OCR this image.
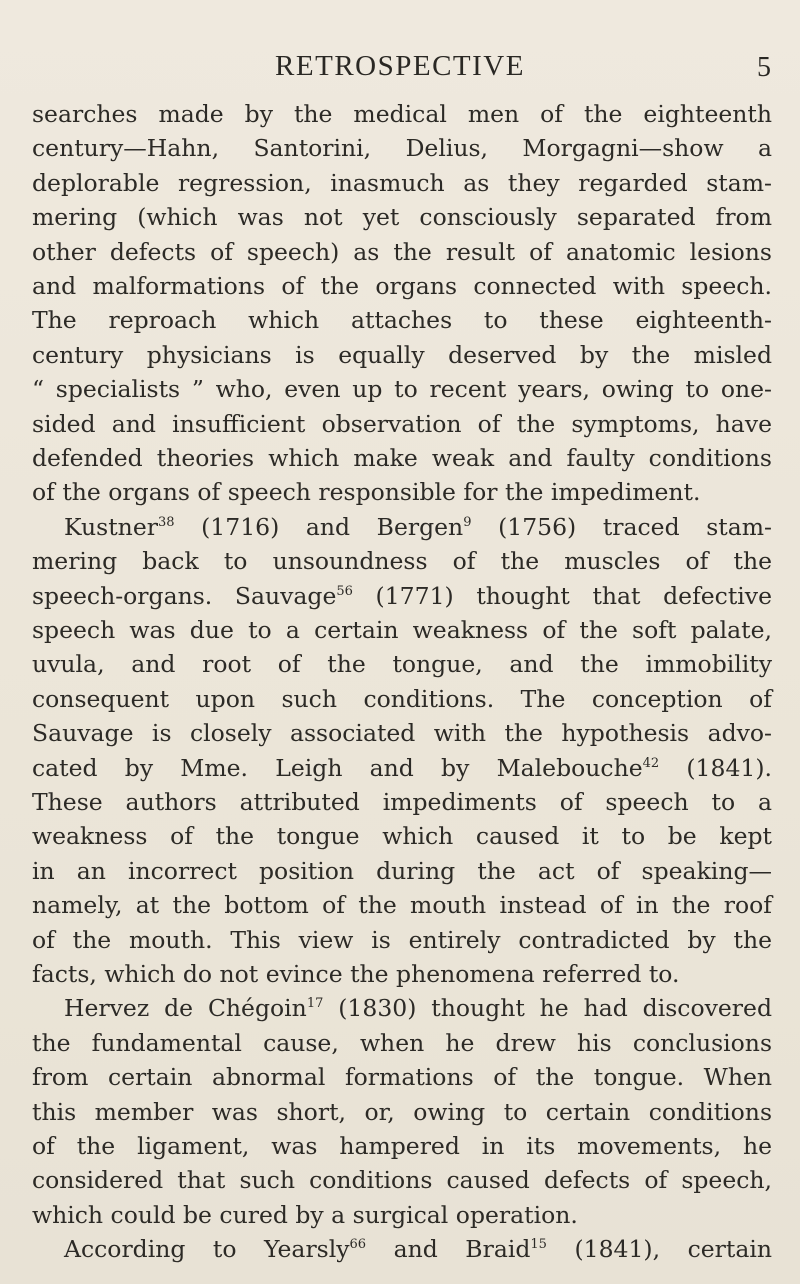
RETROSPECTIVE	5
searches made by the medical men of the eighteenth
century—Hahn, Santorini, Delius, Morgagni—show a
deplorable regression, inasmuch as they regarded stam-
mering (which was not yet consciously separated from
other defects of speech) as the result of anatomic lesions
and malformations of the organs connected with speech.
The reproach which attaches to these eighteenth-
century physicians is equally deserved by the misled
“ specialists ” who, even up to recent years, owing to one-
sided and insufficient observation of the symptoms, have
defended theories which make weak and faulty conditions
of the organs of speech responsible for the impediment.
Kustner$^{38}$ (1716) and Bergen$^9$ (1756) traced stam-
mering back to unsoundness of the muscles of the
speech-organs. Sauvage$^{56}$ (1771) thought that defective
speech was due to a certain weakness of the soft palate,
uvula, and root of the tongue, and the immobility
consequent upon such conditions. The conception of
Sauvage is closely associated with the hypothesis advo-
cated by Mme. Leigh and by Malebouche$^{42}$ (1841).
These authors attributed impediments of speech to a
weakness of the tongue which caused it to be kept
in an incorrect position during the act of speaking—
namely, at the bottom of the mouth instead of in the roof
of the mouth. This view is entirely contradicted by the
facts, which do not evince the phenomena referred to.
Hervez de Chégoin$^{17}$ (1830) thought he had discovered
the fundamental cause, when he drew his conclusions
from certain abnormal formations of the tongue. When
this member was short, or, owing to certain conditions
of the ligament, was hampered in its movements, he
considered that such conditions caused defects of speech,
which could be cured by a surgical operation.
According to Yearsly$^{66}$ and Braid$^{15}$ (1841), certain
